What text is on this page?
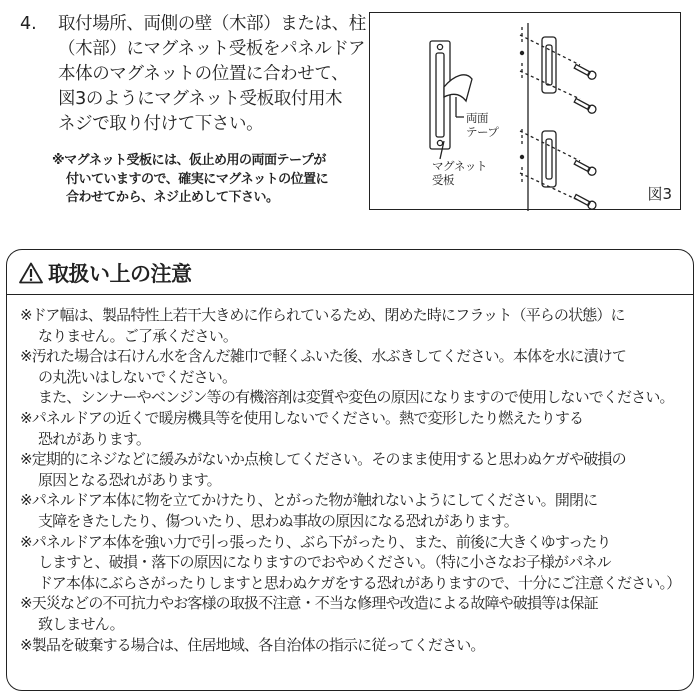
4. 取付場所、両側の壁（木部）または、柱
（木部）にマグネット受板をパネルドア
本体のマグネットの位置に合わせて、
図3のようにマグネット受板取付用木
ネジで取り付けて下さい。
※マグネット受板には、仮止め用の両面テープが
付いていますので、確実にマグネットの位置に
合わせてから、ネジ止めして下さい。
両面
テープ
マグネット
受板
図3
取扱い上の注意
※ドア幅は、製品特性上若干大きめに作られているため、閉めた時にフラット（平らの状態）に
なりません。ご了承ください。
※汚れた場合は石けん水を含んだ雑巾で軽くふいた後、水ぶきしてください。本体を水に漬けて
の丸洗いはしないでください。
また、シンナーやベンジン等の有機溶剤は変質や変色の原因になりますので使用しないでください。
※パネルドアの近くで暖房機具等を使用しないでください。熱で変形したり燃えたりする
恐れがあります。
※定期的にネジなどに緩みがないか点検してください。そのまま使用すると思わぬケガや破損の
原因となる恐れがあります。
※パネルドア本体に物を立てかけたり、とがった物が触れないようにしてください。開閉に
支障をきたしたり、傷ついたり、思わぬ事故の原因になる恐れがあります。
※パネルドア本体を強い力で引っ張ったり、ぶら下がったり、また、前後に大きくゆすったり
しますと、破損・落下の原因になりますのでおやめください。（特に小さなお子様がパネル
ドア本体にぶらさがったりしますと思わぬケガをする恐れがありますので、十分にご注意ください。）
※天災などの不可抗力やお客様の取扱不注意・不当な修理や改造による故障や破損等は保証
致しません。
※製品を破棄する場合は、住居地域、各自治体の指示に従ってください。
